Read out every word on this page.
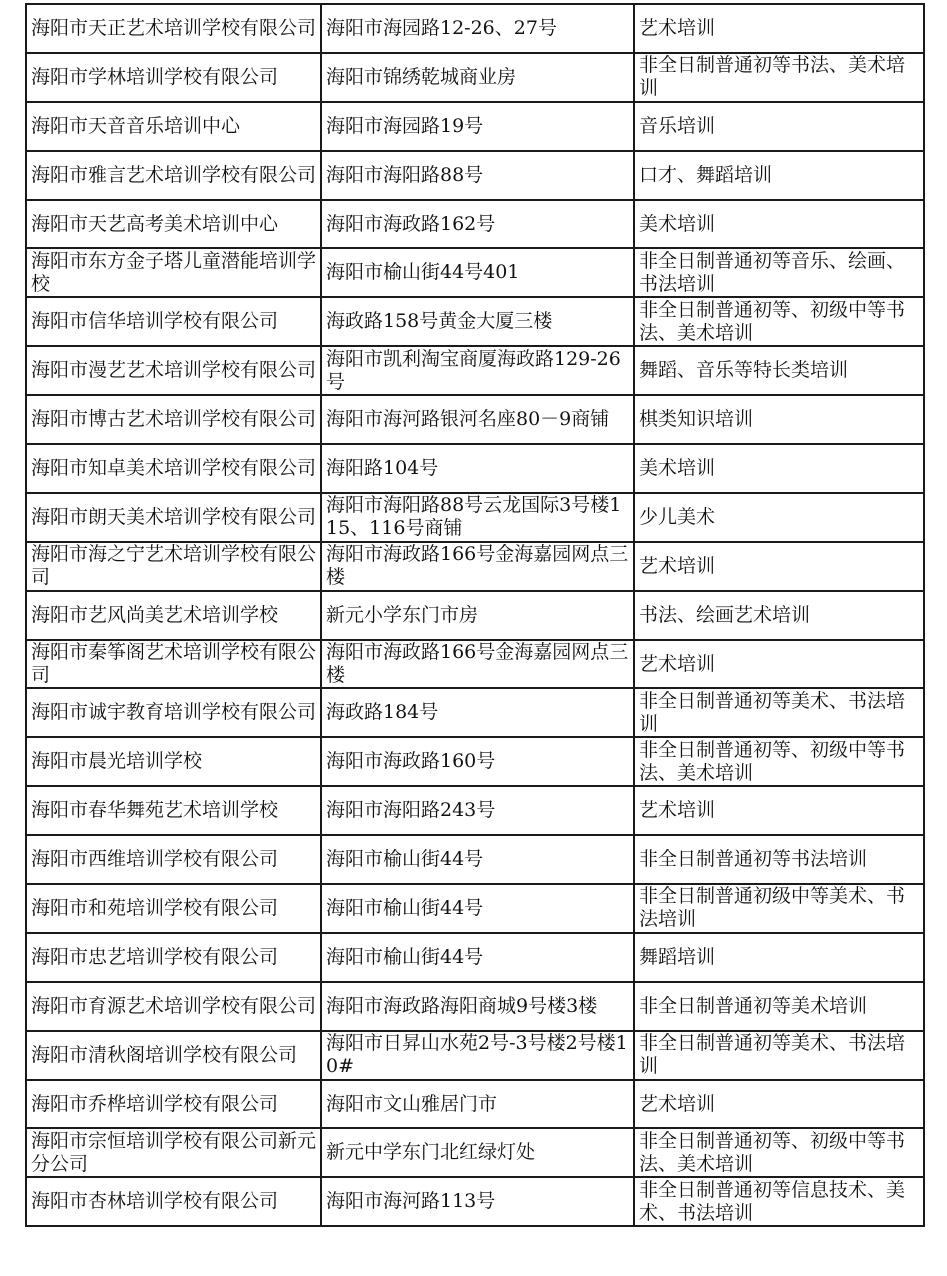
海阳市天正艺术培训学校有限公司	海阳市海园路12-26、27号	艺术培训

海阳市学林培训学校有限公司	海阳市锦绣乾城商业房	非全日制普通初等书法、美术培训

海阳市天音音乐培训中心	海阳市海园路19号	音乐培训

海阳市雅言艺术培训学校有限公司	海阳市海阳路88号	口才、舞蹈培训

海阳市天艺高考美术培训中心	海阳市海政路162号	美术培训

海阳市东方金子塔儿童潜能培训学校	海阳市榆山街44号401	非全日制普通初等音乐、绘画、书法培训

海阳市信华培训学校有限公司	海政路158号黄金大厦三楼	非全日制普通初等、初级中等书法、美术培训

海阳市漫艺艺术培训学校有限公司	海阳市凯利淘宝商厦海政路129-26号	舞蹈、音乐等特长类培训

海阳市博古艺术培训学校有限公司	海阳市海河路银河名座80－9商铺	棋类知识培训

海阳市知卓美术培训学校有限公司	海阳路104号	美术培训

海阳市朗天美术培训学校有限公司	海阳市海阳路88号云龙国际3号楼115、116号商铺	少儿美术

海阳市海之宁艺术培训学校有限公司	海阳市海政路166号金海嘉园网点三楼	艺术培训

海阳市艺风尚美艺术培训学校	新元小学东门市房	书法、绘画艺术培训

海阳市秦筝阁艺术培训学校有限公司	海阳市海政路166号金海嘉园网点三楼	艺术培训

海阳市诚宇教育培训学校有限公司	海政路184号	非全日制普通初等美术、书法培训

海阳市晨光培训学校	海阳市海政路160号	非全日制普通初等、初级中等书法、美术培训

海阳市春华舞苑艺术培训学校	海阳市海阳路243号	艺术培训

海阳市西维培训学校有限公司	海阳市榆山街44号	非全日制普通初等书法培训

海阳市和苑培训学校有限公司	海阳市榆山街44号	非全日制普通初级中等美术、书法培训

海阳市忠艺培训学校有限公司	海阳市榆山街44号	舞蹈培训

海阳市育源艺术培训学校有限公司	海阳市海政路海阳商城9号楼3楼	非全日制普通初等美术培训

海阳市清秋阁培训学校有限公司	海阳市日昇山水苑2号-3号楼2号楼10#	非全日制普通初等美术、书法培训

海阳市乔桦培训学校有限公司	海阳市文山雅居门市	艺术培训

海阳市宗恒培训学校有限公司新元分公司	新元中学东门北红绿灯处	非全日制普通初等、初级中等书法、美术培训

海阳市杏林培训学校有限公司	海阳市海河路113号	非全日制普通初等信息技术、美术、书法培训
